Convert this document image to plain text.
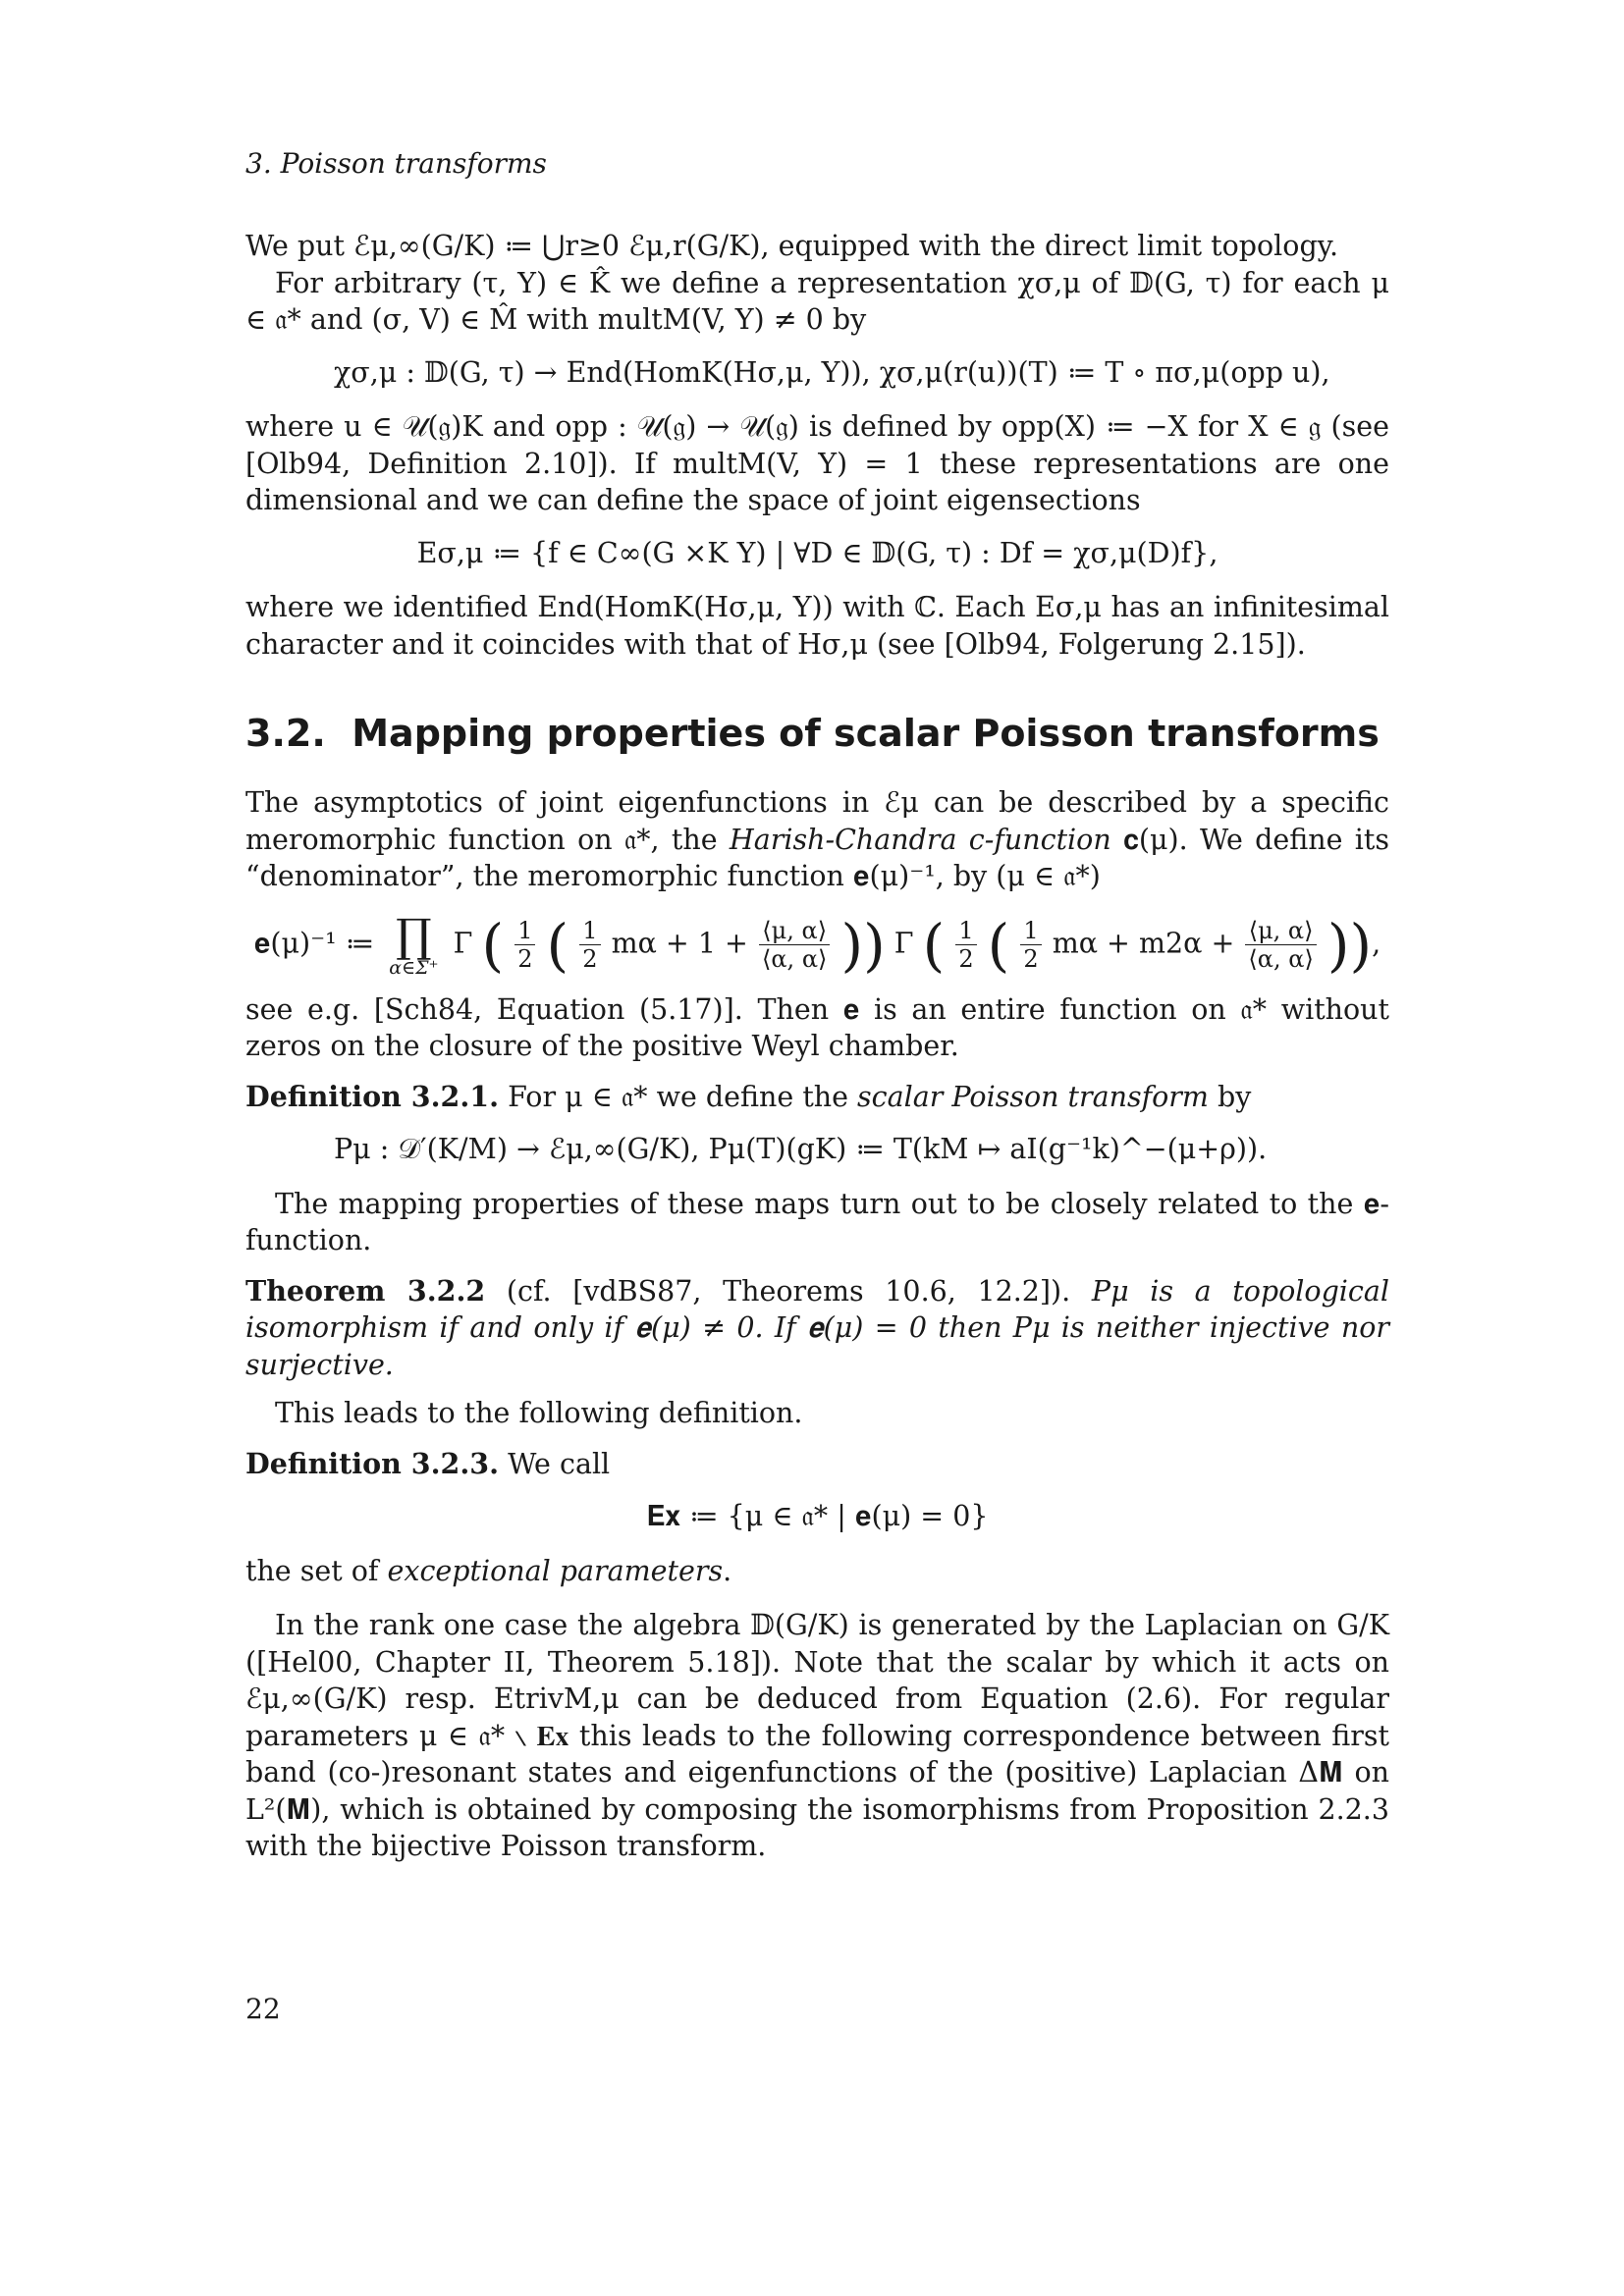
3. Poisson transforms

We put ℰμ,∞(G/K) ≔ ⋃r≥0 ℰμ,r(G/K), equipped with the direct limit topology.

For arbitrary (τ, Y) ∈ K̂ we define a representation χσ,μ of 𝔻(G, τ) for each μ ∈ 𝔞* and (σ, V) ∈ M̂ with multM(V, Y) ≠ 0 by

χσ,μ : 𝔻(G, τ) → End(HomK(Hσ,μ, Y)), χσ,μ(r(u))(T) ≔ T ∘ πσ,μ(opp u),

where u ∈ 𝒰(𝔤)K and opp : 𝒰(𝔤) → 𝒰(𝔤) is defined by opp(X) ≔ −X for X ∈ 𝔤 (see [Olb94, Definition 2.10]). If multM(V, Y) = 1 these representations are one dimensional and we can define the space of joint eigensections

Eσ,μ ≔ {f ∈ C∞(G ×K Y) | ∀D ∈ 𝔻(G, τ) : Df = χσ,μ(D)f},

where we identified End(HomK(Hσ,μ, Y)) with ℂ. Each Eσ,μ has an infinitesimal character and it coincides with that of Hσ,μ (see [Olb94, Folgerung 2.15]).

3.2. Mapping properties of scalar Poisson transforms

The asymptotics of joint eigenfunctions in ℰμ can be described by a specific meromorphic function on 𝔞*, the Harish-Chandra c-function 𝐜(μ). We define its “denominator”, the meromorphic function 𝐞(μ)⁻¹, by (μ ∈ 𝔞*)

𝐞(μ)⁻¹ ≔ ∏
α∈Σ⁺
Γ ( $\frac{1}{2}$ ( $\frac{1}{2}$ $m\alpha + 1 + \frac{⟨\mu, \alpha⟩}{⟨\alpha, \alpha⟩}$ )) Γ ( $\frac{1}{2}$ ( $\frac{1}{2}$ $m\alpha + m2\alpha + \frac{⟨\mu, \alpha⟩}{⟨\alpha, \alpha⟩}$ )),

see e.g. [Sch84, Equation (5.17)]. Then 𝐞 is an entire function on 𝔞* without zeros on the closure of the positive Weyl chamber.

Definition 3.2.1. For μ ∈ 𝔞* we define the scalar Poisson transform by

Pμ : 𝒟′(K/M) → ℰμ,∞(G/K), Pμ(T)(gK) ≔ T(kM ↦ aI(g⁻¹k)^−(μ+ρ)).

The mapping properties of these maps turn out to be closely related to the 𝐞-function.

Theorem 3.2.2 (cf. [vdBS87, Theorems 10.6, 12.2]). Pμ is a topological isomorphism if and only if 𝐞(μ) ≠ 0. If 𝐞(μ) = 0 then Pμ is neither injective nor surjective.

This leads to the following definition.

Definition 3.2.3. We call

𝐄𝐱 ≔ {μ ∈ 𝔞* | 𝐞(μ) = 0}

the set of exceptional parameters.

In the rank one case the algebra 𝔻(G/K) is generated by the Laplacian on G/K ([Hel00, Chapter II, Theorem 5.18]). Note that the scalar by which it acts on ℰμ,∞(G/K) resp. EtrivM,μ can be deduced from Equation (2.6). For regular parameters μ ∈ 𝔞* ∖ 𝐄𝐱 this leads to the following correspondence between first band (co-)resonant states and eigenfunctions of the (positive) Laplacian Δ𝐌 on L²(𝐌), which is obtained by composing the isomorphisms from Proposition 2.2.3 with the bijective Poisson transform.

22
